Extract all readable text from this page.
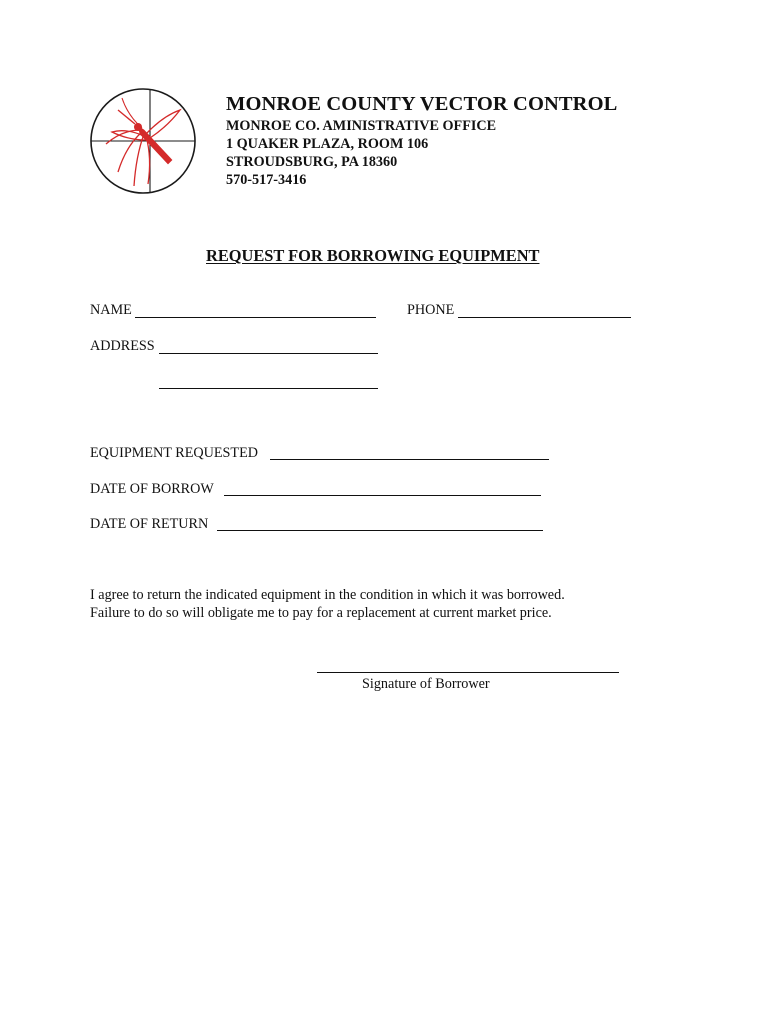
MONROE COUNTY VECTOR CONTROL
MONROE CO. AMINISTRATIVE OFFICE
1 QUAKER PLAZA, ROOM 106
STROUDSBURG, PA 18360
570-517-3416
REQUEST FOR BORROWING EQUIPMENT
NAME	PHONE
ADDRESS
EQUIPMENT REQUESTED
DATE OF BORROW
DATE OF RETURN
I agree to return the indicated equipment in the condition in which it was borrowed.
Failure to do so will obligate me to pay for a replacement at current market price.
Signature of Borrower
